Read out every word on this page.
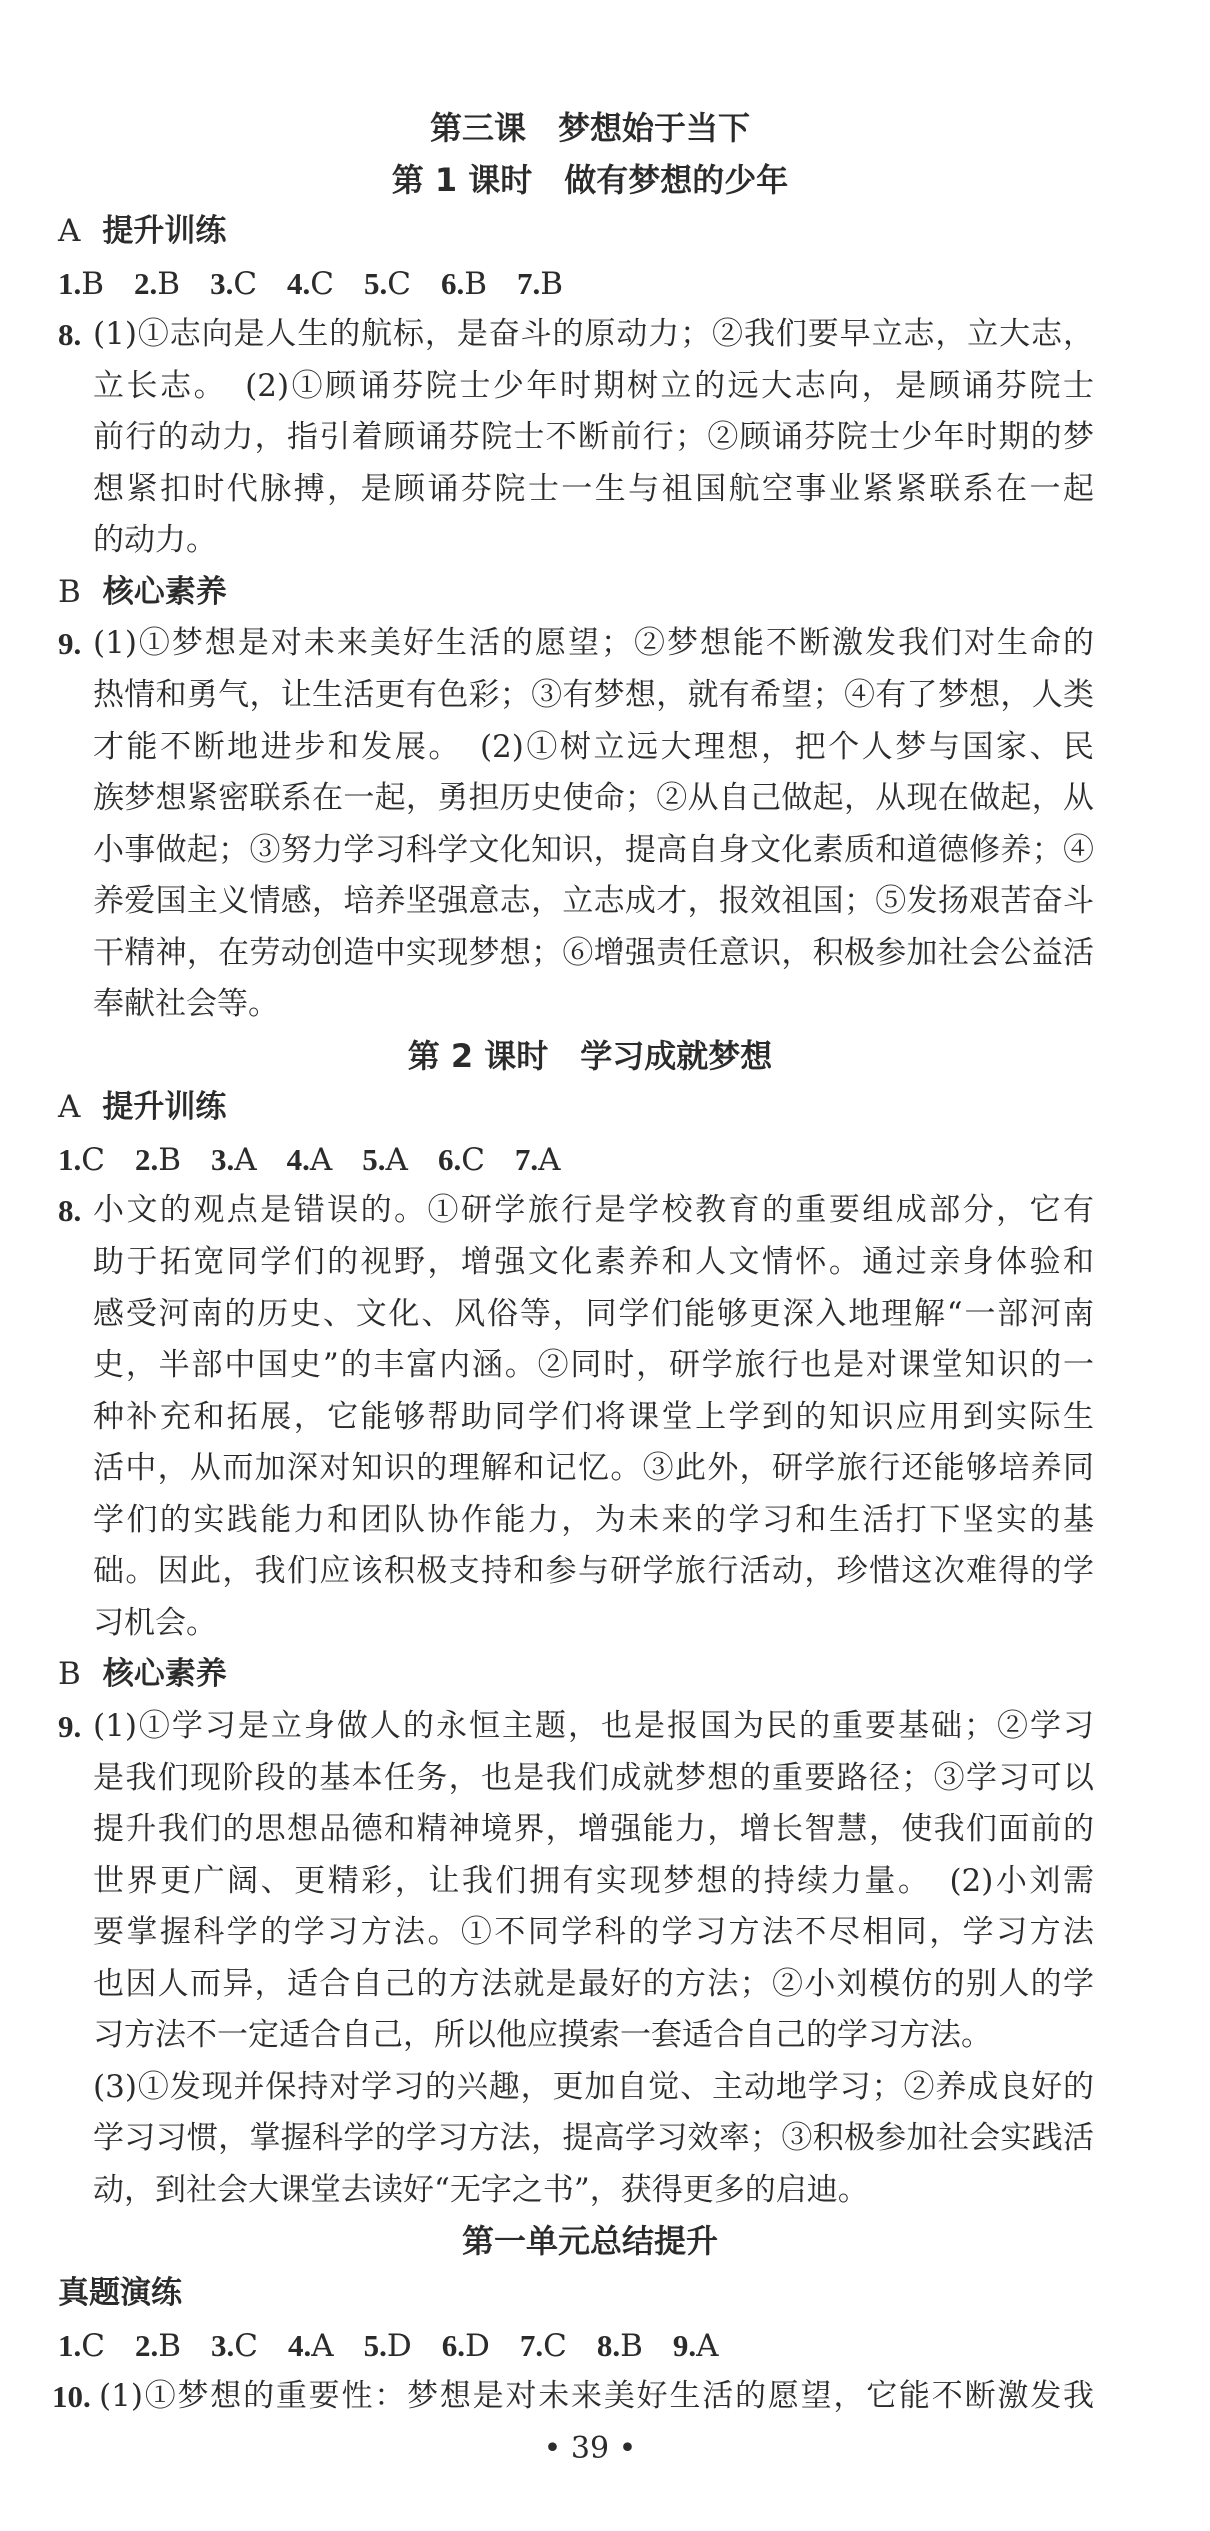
第三课　梦想始于当下
第 1 课时　做有梦想的少年
A 提升训练
1.B 2.B 3.C 4.C 5.C 6.B 7.B
8. (1)①志向是人生的航标，是奋斗的原动力；②我们要早立志，立大志，
立长志。　(2)①顾诵芬院士少年时期树立的远大志向，是顾诵芬院士
前行的动力，指引着顾诵芬院士不断前行；②顾诵芬院士少年时期的梦
想紧扣时代脉搏，是顾诵芬院士一生与祖国航空事业紧紧联系在一起
的动力。
B 核心素养
9. (1)①梦想是对未来美好生活的愿望；②梦想能不断激发我们对生命的
热情和勇气，让生活更有色彩；③有梦想，就有希望；④有了梦想，人类
才能不断地进步和发展。　(2)①树立远大理想，把个人梦与国家、民
族梦想紧密联系在一起，勇担历史使命；②从自己做起，从现在做起，从
小事做起；③努力学习科学文化知识，提高自身文化素质和道德修养；④
养爱国主义情感，培养坚强意志，立志成才，报效祖国；⑤发扬艰苦奋斗
干精神，在劳动创造中实现梦想；⑥增强责任意识，积极参加社会公益活
奉献社会等。
第 2 课时　学习成就梦想
A 提升训练
1.C 2.B 3.A 4.A 5.A 6.C 7.A
8. 小文的观点是错误的。①研学旅行是学校教育的重要组成部分，它有
助于拓宽同学们的视野，增强文化素养和人文情怀。通过亲身体验和
感受河南的历史、文化、风俗等，同学们能够更深入地理解“一部河南
史，半部中国史”的丰富内涵。②同时，研学旅行也是对课堂知识的一
种补充和拓展，它能够帮助同学们将课堂上学到的知识应用到实际生
活中，从而加深对知识的理解和记忆。③此外，研学旅行还能够培养同
学们的实践能力和团队协作能力，为未来的学习和生活打下坚实的基
础。因此，我们应该积极支持和参与研学旅行活动，珍惜这次难得的学
习机会。
B 核心素养
9. (1)①学习是立身做人的永恒主题，也是报国为民的重要基础；②学习
是我们现阶段的基本任务，也是我们成就梦想的重要路径；③学习可以
提升我们的思想品德和精神境界，增强能力，增长智慧，使我们面前的
世界更广阔、更精彩，让我们拥有实现梦想的持续力量。　(2)小刘需
要掌握科学的学习方法。①不同学科的学习方法不尽相同，学习方法
也因人而异，适合自己的方法就是最好的方法；②小刘模仿的别人的学
习方法不一定适合自己，所以他应摸索一套适合自己的学习方法。
(3)①发现并保持对学习的兴趣，更加自觉、主动地学习；②养成良好的
学习习惯，掌握科学的学习方法，提高学习效率；③积极参加社会实践活
动，到社会大课堂去读好“无字之书”，获得更多的启迪。
第一单元总结提升
真题演练
1.C 2.B 3.C 4.A 5.D 6.D 7.C 8.B 9.A
10. (1)①梦想的重要性：梦想是对未来美好生活的愿望，它能不断激发我
• 39 •
